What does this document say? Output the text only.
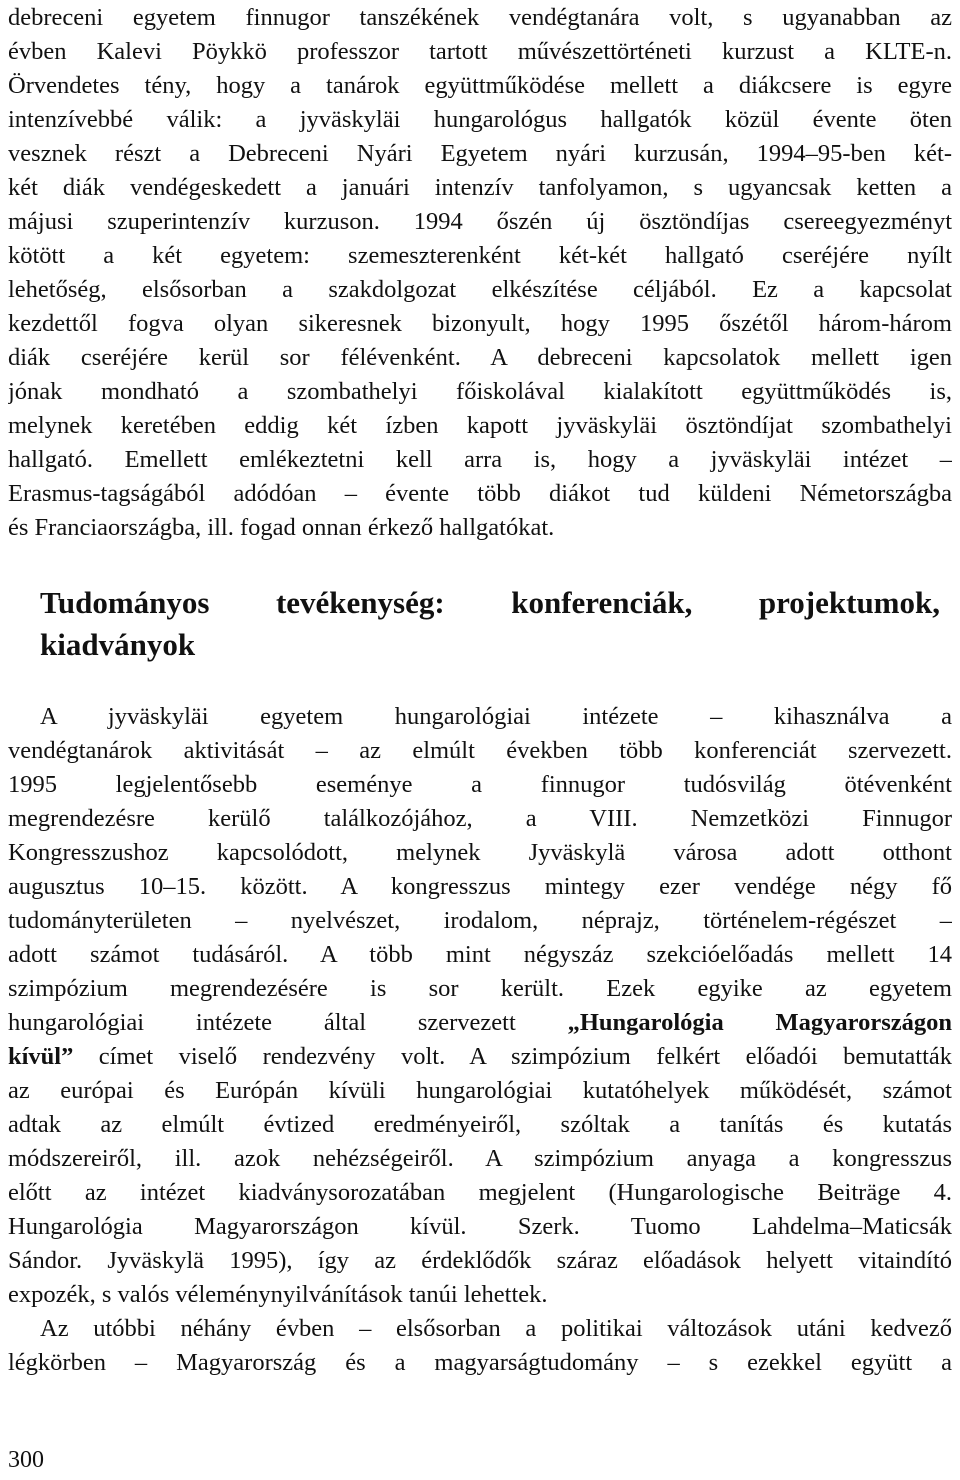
debreceni egyetem finnugor tanszékének vendégtanára volt, s ugyanabban az
évben Kalevi Pöykkö professzor tartott művészettörténeti kurzust a KLTE-n.
Örvendetes tény, hogy a tanárok együttműködése mellett a diákcsere is egyre
intenzívebbé válik: a jyväskyläi hungarológus hallgatók közül évente öten
vesznek részt a Debreceni Nyári Egyetem nyári kurzusán, 1994–95-ben két-
két diák vendégeskedett a januári intenzív tanfolyamon, s ugyancsak ketten a
májusi szuperintenzív kurzuson. 1994 őszén új ösztöndíjas csereegyezményt
kötött a két egyetem: szemeszterenként két-két hallgató cseréjére nyílt
lehetőség, elsősorban a szakdolgozat elkészítése céljából. Ez a kapcsolat
kezdettől fogva olyan sikeresnek bizonyult, hogy 1995 őszétől három-három
diák cseréjére kerül sor félévenként. A debreceni kapcsolatok mellett igen
jónak mondható a szombathelyi főiskolával kialakított együttműködés is,
melynek keretében eddig két ízben kapott jyväskyläi ösztöndíjat szombathelyi
hallgató. Emellett emlékeztetni kell arra is, hogy a jyväskyläi intézet –
Erasmus-tagságából adódóan – évente több diákot tud küldeni Németországba
és Franciaországba, ill. fogad onnan érkező hallgatókat.
Tudományos tevékenység: konferenciák, projektumok,
kiadványok
A jyväskyläi egyetem hungarológiai intézete – kihasználva a
vendégtanárok aktivitását – az elmúlt években több konferenciát szervezett.
1995 legjelentősebb eseménye a finnugor tudósvilág ötévenként
megrendezésre kerülő találkozójához, a VIII. Nemzetközi Finnugor
Kongresszushoz kapcsolódott, melynek Jyväskylä városa adott otthont
augusztus 10–15. között. A kongresszus mintegy ezer vendége négy fő
tudományterületen – nyelvészet, irodalom, néprajz, történelem-régészet –
adott számot tudásáról. A több mint négyszáz szekcióelőadás mellett 14
szimpózium megrendezésére is sor került. Ezek egyike az egyetem
hungarológiai intézete által szervezett „Hungarológia Magyarországon
kívül” címet viselő rendezvény volt. A szimpózium felkért előadói bemutatták
az európai és Európán kívüli hungarológiai kutatóhelyek működését, számot
adtak az elmúlt évtized eredményeiről, szóltak a tanítás és kutatás
módszereiről, ill. azok nehézségeiről. A szimpózium anyaga a kongresszus
előtt az intézet kiadványsorozatában megjelent (Hungarologische Beiträge 4.
Hungarológia Magyarországon kívül. Szerk. Tuomo Lahdelma–Maticsák
Sándor. Jyväskylä 1995), így az érdeklődők száraz előadások helyett vitaindító
expozék, s valós véleménynyilvánítások tanúi lehettek.
Az utóbbi néhány évben – elsősorban a politikai változások utáni kedvező
légkörben – Magyarország és a magyarságtudomány – s ezekkel együtt a
300
